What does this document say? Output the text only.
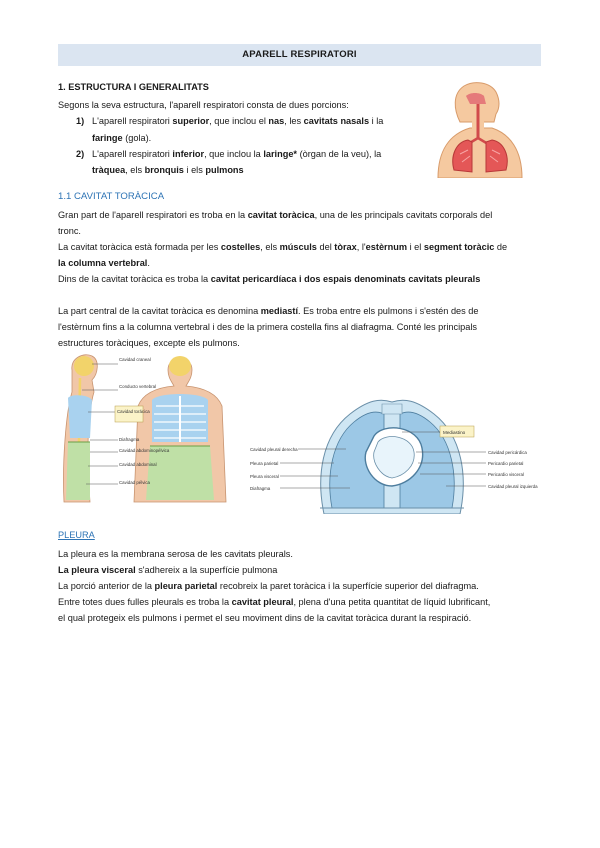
APARELL RESPIRATORI
1. ESTRUCTURA I GENERALITATS
Segons la seva estructura, l'aparell respiratori consta de dues porcions:
1) L'aparell respiratori superior, que inclou el nas, les cavitats nasals i la
faringe (gola).
2) L'aparell respiratori inferior, que inclou la laringe* (òrgan de la veu), la
tràquea, els bronquis i els pulmons
1.1 CAVITAT TORÀCICA
Gran part de l'aparell respiratori es troba en la cavitat toràcica, una de les principals cavitats corporals del
tronc.
La cavitat toràcica està formada per les costelles, els músculs del tòrax, l'estèrnum i el segment toràcic de
la columna vertebral.
Dins de la cavitat toràcica es troba la cavitat pericardíaca i dos espais denominats cavitats pleurals
La part central de la cavitat toràcica es denomina mediastí. Es troba entre els pulmons i s'estén des de
l'estèrnum fins a la columna vertebral i des de la primera costella fins al diafragma. Conté les principals
estructures toràciques, excepte els pulmons.
Cavidad craneal
Conducto vertebral
Cavidad torácica
Diafragma
Cavidad abdominopélvica
Cavidad abdominal
Cavidad pélvica
Mediastino
Cavidad pleural derecha
Pleura parietal
Pleura visceral
Diafragma
Cavidad pericárdica
Pericardio parietal
Pericardio visceral
Cavidad pleural izquierda
PLEURA
La pleura es la membrana serosa de les cavitats pleurals.
La pleura visceral s'adhereix a la superfície pulmona
La porció anterior de la pleura parietal recobreix la paret toràcica i la superfície superior del diafragma.
Entre totes dues fulles pleurals es troba la cavitat pleural, plena d'una petita quantitat de líquid lubrificant,
el qual protegeix els pulmons i permet el seu moviment dins de la cavitat toràcica durant la respiració.
